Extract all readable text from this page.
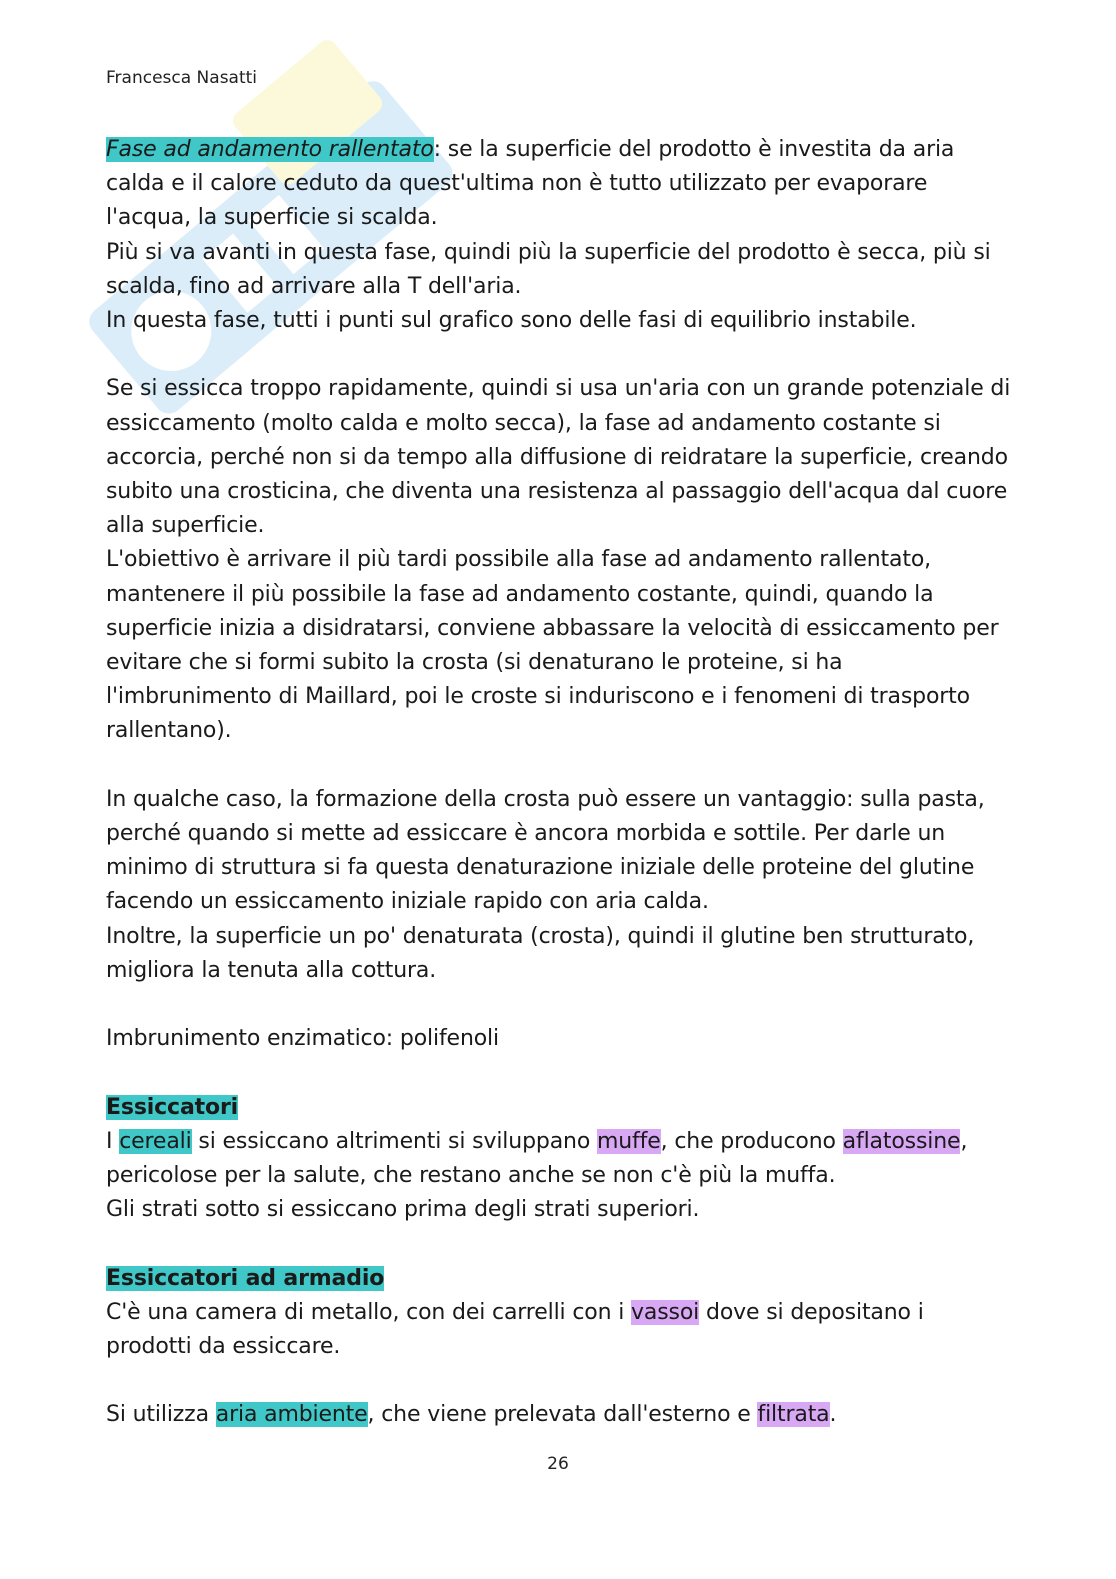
Francesca Nasatti

Fase ad andamento rallentato: se la superficie del prodotto è investita da aria calda e il calore ceduto da quest'ultima non è tutto utilizzato per evaporare l'acqua, la superficie si scalda.

Più si va avanti in questa fase, quindi più la superficie del prodotto è secca, più si scalda, fino ad arrivare alla T dell'aria.

In questa fase, tutti i punti sul grafico sono delle fasi di equilibrio instabile.

Se si essicca troppo rapidamente, quindi si usa un'aria con un grande potenziale di essiccamento (molto calda e molto secca), la fase ad andamento costante si accorcia, perché non si da tempo alla diffusione di reidratare la superficie, creando subito una crosticina, che diventa una resistenza al passaggio dell'acqua dal cuore alla superficie.

L'obiettivo è arrivare il più tardi possibile alla fase ad andamento rallentato, mantenere il più possibile la fase ad andamento costante, quindi, quando la superficie inizia a disidratarsi, conviene abbassare la velocità di essiccamento per evitare che si formi subito la crosta (si denaturano le proteine, si ha l'imbrunimento di Maillard, poi le croste si induriscono e i fenomeni di trasporto rallentano).

In qualche caso, la formazione della crosta può essere un vantaggio: sulla pasta, perché quando si mette ad essiccare è ancora morbida e sottile. Per darle un minimo di struttura si fa questa denaturazione iniziale delle proteine del glutine facendo un essiccamento iniziale rapido con aria calda.

Inoltre, la superficie un po' denaturata (crosta), quindi il glutine ben strutturato, migliora la tenuta alla cottura.

Imbrunimento enzimatico: polifenoli

Essiccatori

I cereali si essiccano altrimenti si sviluppano muffe, che producono aflatossine, pericolose per la salute, che restano anche se non c'è più la muffa.

Gli strati sotto si essiccano prima degli strati superiori.

Essiccatori ad armadio

C'è una camera di metallo, con dei carrelli con i vassoi dove si depositano i prodotti da essiccare.

Si utilizza aria ambiente, che viene prelevata dall'esterno e filtrata.

26
